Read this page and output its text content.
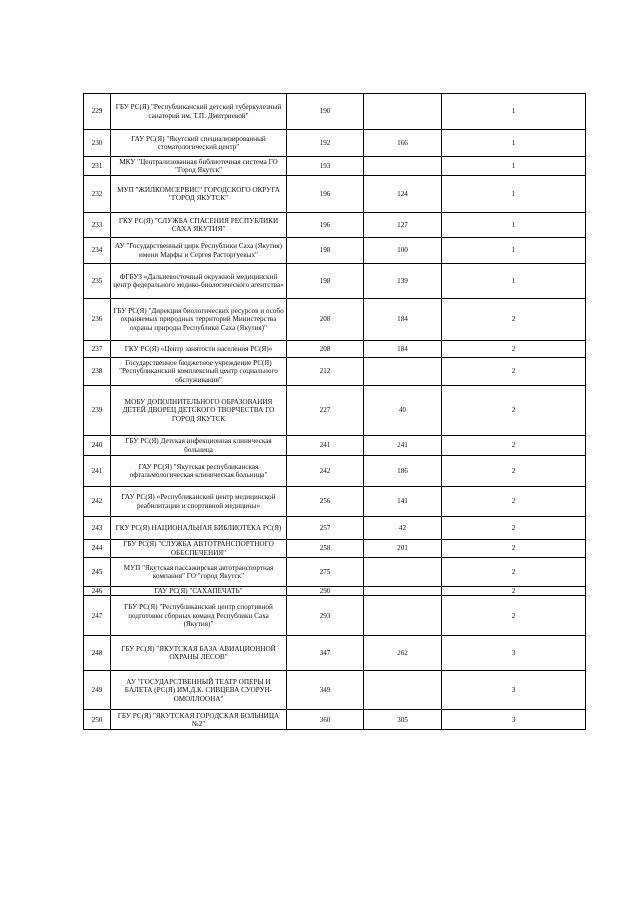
229	ГБУ РС(Я) "Республиканский детский туберкулезный санаторий им. Т.П. Дмитриевой"	190		1
230	ГАУ РС(Я) "Якутский специализированный стоматологический центр"	192	166	1
231	МКУ "Централизованная библиотечная система ГО "Город Якутск"	193		1
232	МУП "ЖИЛКОМСЕРВИС" ГОРОДСКОГО ОКРУГА "ГОРОД ЯКУТСК"	196	124	1
233	ГКУ РС(Я) "СЛУЖБА СПАСЕНИЯ РЕСПУБЛИКИ САХА ЯКУТИЯ"	196	127	1
234	АУ "Государственный цирк Республики Саха (Якутия) имени Марфы и Сергея Расторгуевых"	198	100	1
235	ФГБУЗ «Дальневосточный окружной медицинский центр федерального медико-биологического агентства»	198	139	1
236	ГБУ РС(Я) "Дирекция биологических ресурсов и особо охраняемых природных территорий Министерства охраны природы Республики Саха (Якутия)"	208	184	2
237	ГКУ РС(Я) «Центр занятости населения РС(Я)»	208	184	2
238	Государственное бюджетное учреждение РС(Я) "Республиканский комплексный центр социального обслуживания"	212		2
239	МОБУ ДОПОЛНИТЕЛЬНОГО ОБРАЗОВАНИЯ ДЕТЕЙ ДВОРЕЦ ДЕТСКОГО ТВОРЧЕСТВА ГО ГОРОД ЯКУТСК	227	40	2
240	ГБУ РС(Я) Детская инфекционная клиническая больница	241	241	2
241	ГАУ РС(Я) "Якутская республиканская офтальмологическая клиническая больница"	242	186	2
242	ГАУ РС(Я) «Республиканский центр медицинской реабилитации и спортивной медицины»	256	141	2
243	ГКУ РС(Я) НАЦИОНАЛЬНАЯ БИБЛИОТЕКА РС(Я)	257	42	2
244	ГБУ РС(Я) "СЛУЖБА АВТОТРАНСПОРТНОГО ОБЕСПЕЧЕНИЯ"	258	201	2
245	МУП "Якутская пассажирская автотранспортная компания" ГО "город Якутск"	275		2
246	ГАУ РС(Я) "САХАПЕЧАТЬ"	290		2
247	ГБУ РС(Я) "Республиканский центр спортивной подготовки сборных команд Республики Саха (Якутия)"	293		2
248	ГБУ РС(Я) "ЯКУТСКАЯ БАЗА АВИАЦИОННОЙ ОХРАНЫ ЛЕСОВ"	347	262	3
249	АУ "ГОСУДАРСТВЕННЫЙ ТЕАТР ОПЕРЫ И БАЛЕТА (РС(Я) ИМ.Д.К. СИВЦЕВА СУОРУН-ОМОЛЛООНА"	349		3
250	ГБУ РС(Я) "ЯКУТСКАЯ ГОРОДСКАЯ БОЛЬНИЦА №2"	360	305	3
